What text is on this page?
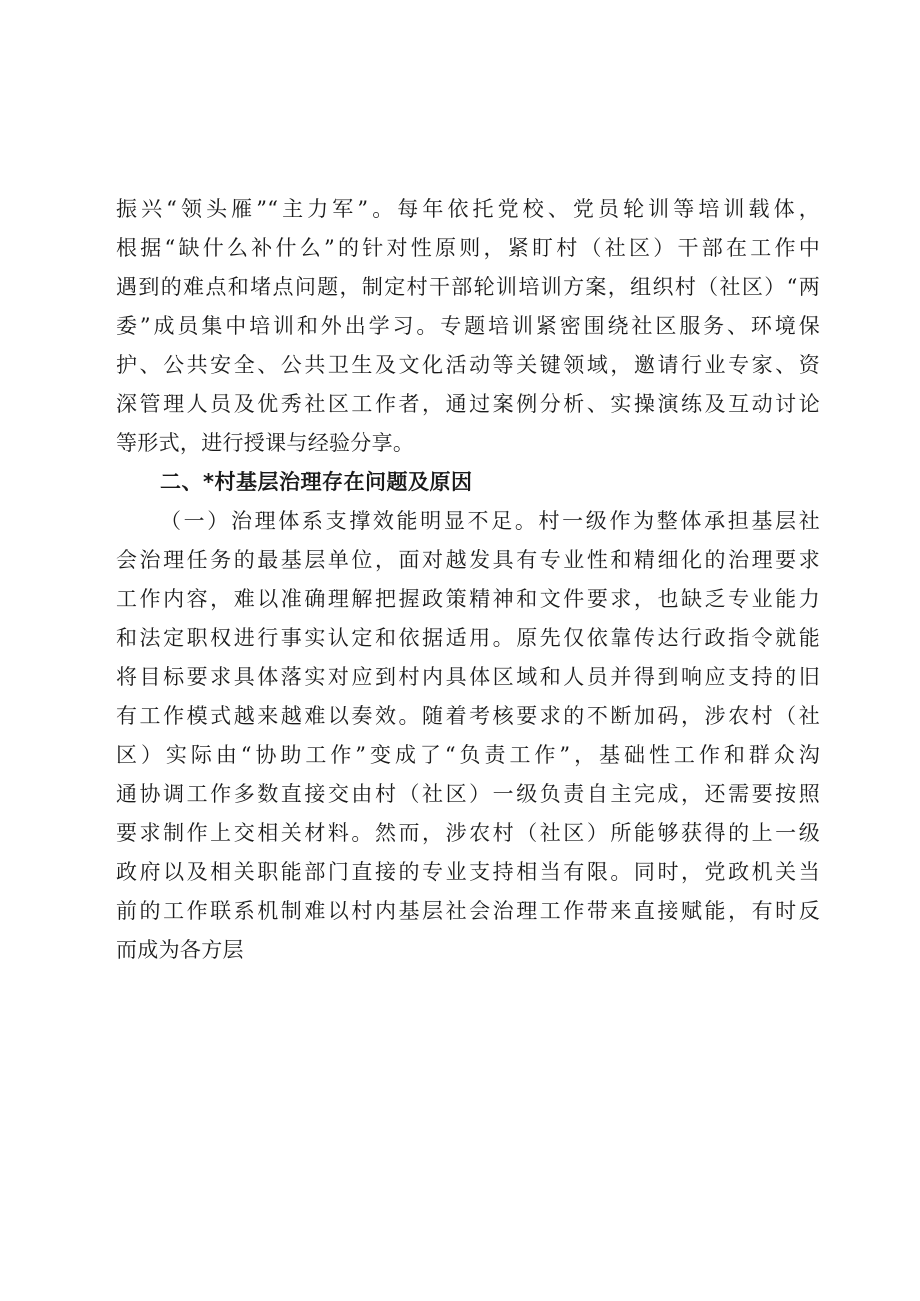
振兴“领头雁”“主力军”。每年依托党校、党员轮训等培训载体，
根据“缺什么补什么”的针对性原则，紧盯村（社区）干部在工作中
遇到的难点和堵点问题，制定村干部轮训培训方案，组织村（社区）“两
委”成员集中培训和外出学习。专题培训紧密围绕社区服务、环境保
护、公共安全、公共卫生及文化活动等关键领域，邀请行业专家、资
深管理人员及优秀社区工作者，通过案例分析、实操演练及互动讨论
等形式，进行授课与经验分享。
二、*村基层治理存在问题及原因
（一）治理体系支撑效能明显不足。村一级作为整体承担基层社
会治理任务的最基层单位，面对越发具有专业性和精细化的治理要求
工作内容，难以准确理解把握政策精神和文件要求，也缺乏专业能力
和法定职权进行事实认定和依据适用。原先仅依靠传达行政指令就能
将目标要求具体落实对应到村内具体区域和人员并得到响应支持的旧
有工作模式越来越难以奏效。随着考核要求的不断加码，涉农村（社
区）实际由“协助工作”变成了“负责工作”，基础性工作和群众沟
通协调工作多数直接交由村（社区）一级负责自主完成，还需要按照
要求制作上交相关材料。然而，涉农村（社区）所能够获得的上一级
政府以及相关职能部门直接的专业支持相当有限。同时，党政机关当
前的工作联系机制难以村内基层社会治理工作带来直接赋能，有时反
而成为各方层
